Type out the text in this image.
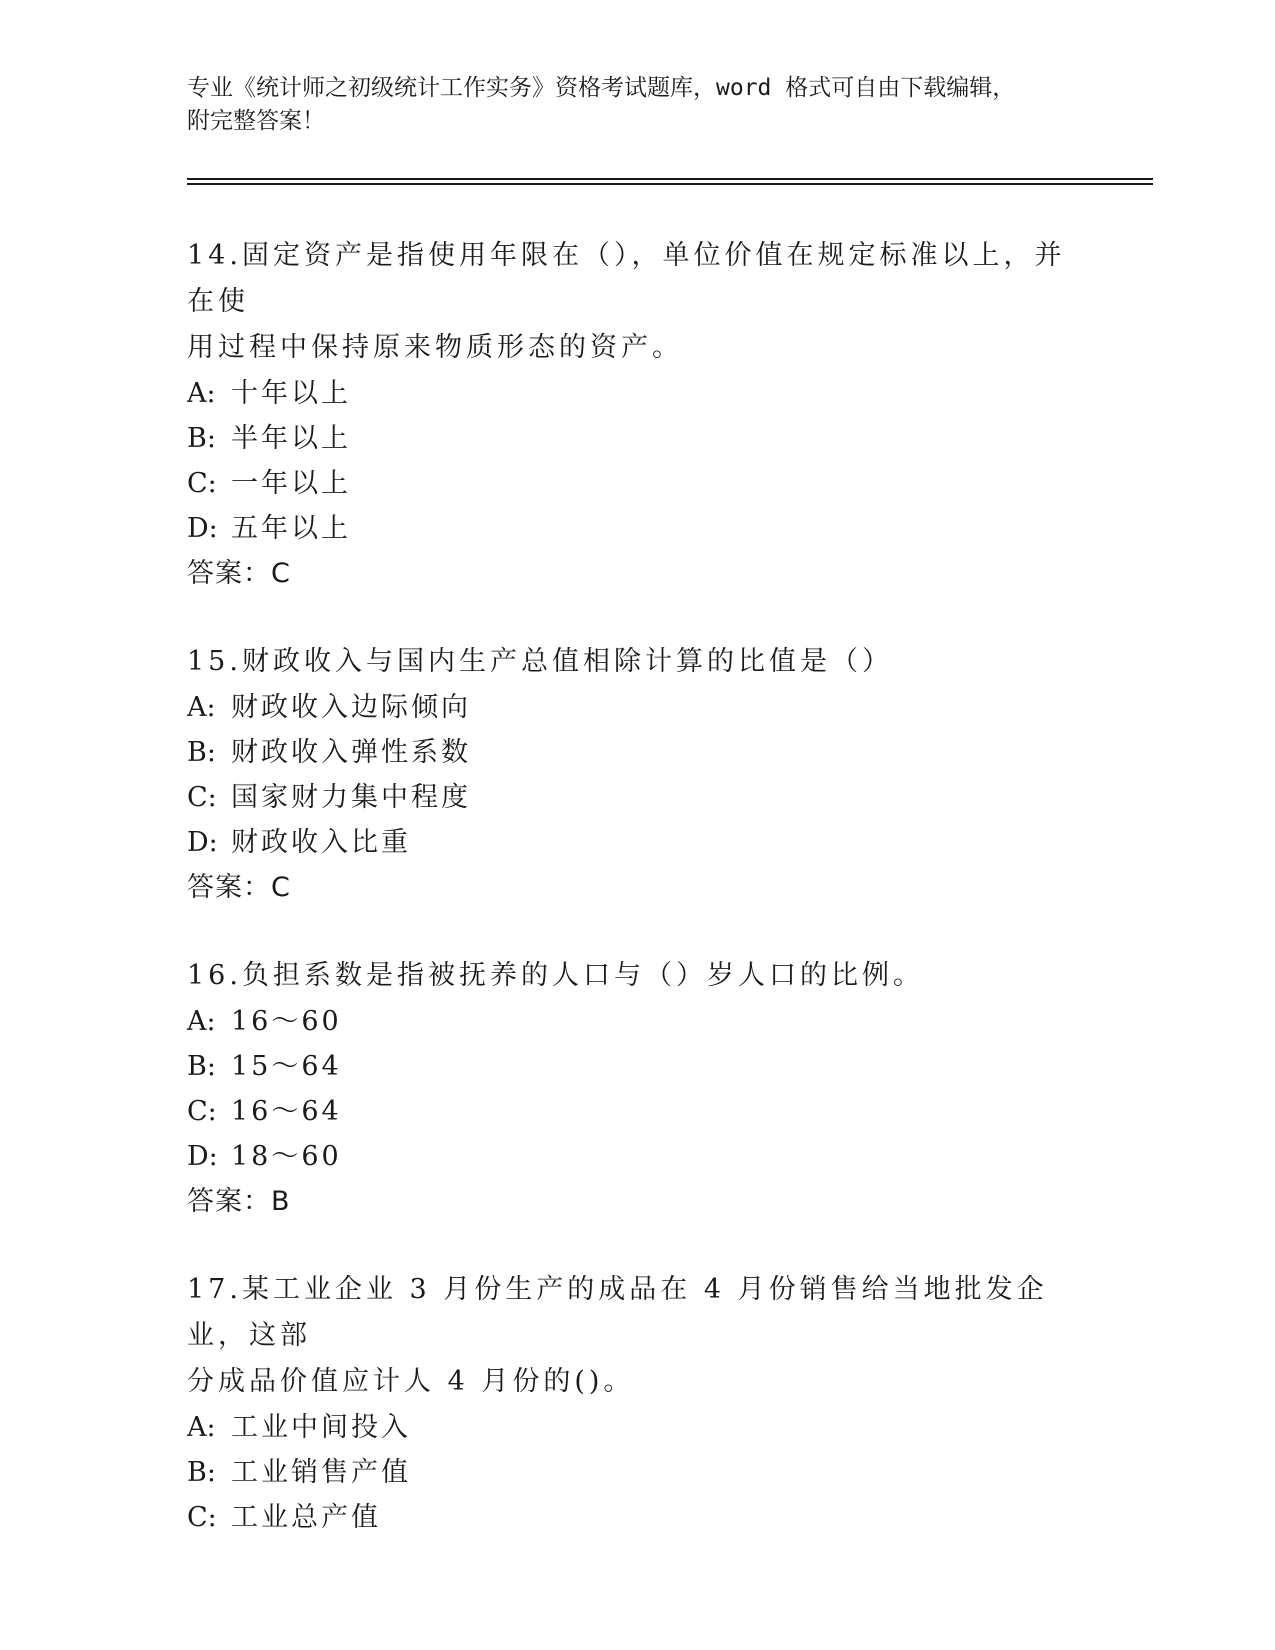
专业《统计师之初级统计工作实务》资格考试题库，word 格式可自由下载编辑，

附完整答案！

14.固定资产是指使用年限在（），单位价值在规定标准以上，并在使
用过程中保持原来物质形态的资产。

A: 十年以上
B: 半年以上
C: 一年以上
D: 五年以上
答案：C

15.财政收入与国内生产总值相除计算的比值是（）

A: 财政收入边际倾向
B: 财政收入弹性系数
C: 国家财力集中程度
D: 财政收入比重
答案：C

16.负担系数是指被抚养的人口与（）岁人口的比例。

A: 16～60
B: 15～64
C: 16～64
D: 18～60
答案：B

17.某工业企业 3 月份生产的成品在 4 月份销售给当地批发企业，这部
分成品价值应计人 4 月份的()。

A: 工业中间投入
B: 工业销售产值
C: 工业总产值
